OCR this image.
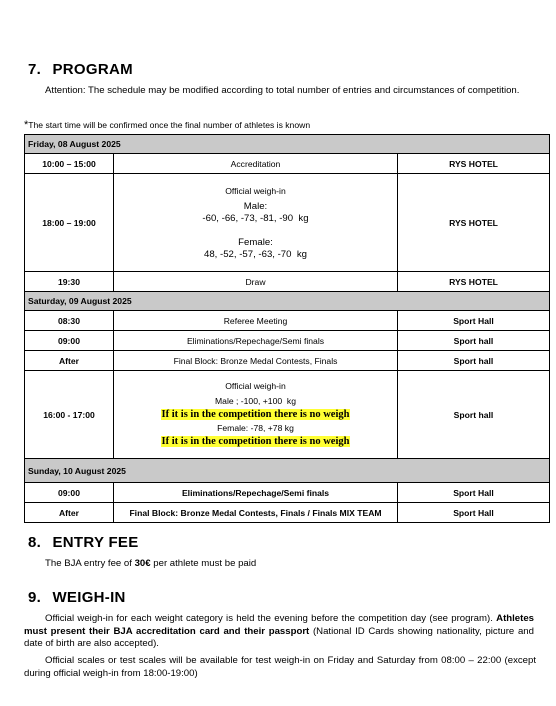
7. PROGRAM

Attention: The schedule may be modified according to total number of entries and circumstances of competition.

*The start time will be confirmed once the final number of athletes is known

Friday, 08 August 2025		
10:00 – 15:00	Accreditation	RYS HOTEL
18:00 – 19:00	Official weigh-in
Male:
-60, -66, -73, -81, -90 kg
Female:
48, -52, -57, -63, -70 kg	RYS HOTEL
19:30	Draw	RYS HOTEL
Saturday, 09 August 2025		
08:30	Referee Meeting	Sport Hall
09:00	Eliminations/Repechage/Semi finals	Sport hall
After	Final Block: Bronze Medal Contests, Finals	Sport hall
16:00 - 17:00	Official weigh-in
Male ; -100, +100 kg
If it is in the competition there is no weigh
Female: -78, +78 kg
If it is in the competition there is no weigh	Sport hall
Sunday, 10 August 2025		
09:00	Eliminations/Repechage/Semi finals	Sport Hall
After	Final Block: Bronze Medal Contests, Finals / Finals MIX TEAM	Sport Hall
8. ENTRY FEE

The BJA entry fee of 30€ per athlete must be paid

9. WEIGH-IN

Official weigh-in for each weight category is held the evening before the competition day (see program). Athletes must present their BJA accreditation card and their passport (National ID Cards showing nationality, picture and date of birth are also accepted).

Official scales or test scales will be available for test weigh-in on Friday and Saturday from 08:00 – 22:00 (except during official weigh-in from 18:00-19:00)
